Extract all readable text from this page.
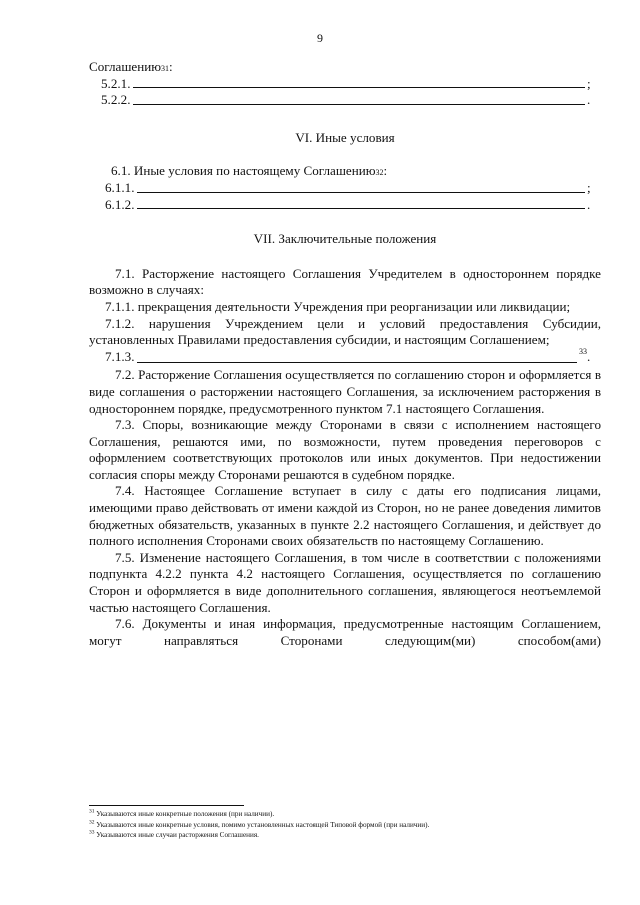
9
Соглашению 31 :
5.2.1.	;
5.2.2.	.

VI. Иные условия

6.1. Иные условия по настоящему Соглашению 32 :
6.1.1.	;
6.1.2.	.

VII. Заключительные положения

7.1. Расторжение настоящего Соглашения Учредителем в одностороннем порядке возможно в случаях:

7.1.1. прекращения деятельности Учреждения при реорганизации или ликвидации;

7.1.2. нарушения Учреждением цели и условий предоставления Субсидии, установленных Правилами предоставления субсидии, и настоящим Соглашением;

7.1.3.	33 .

7.2. Расторжение Соглашения осуществляется по соглашению сторон и оформляется в виде соглашения о расторжении настоящего Соглашения, за исключением расторжения в одностороннем порядке, предусмотренного пунктом 7.1 настоящего Соглашения.

7.3. Споры, возникающие между Сторонами в связи с исполнением настоящего Соглашения, решаются ими, по возможности, путем проведения переговоров с оформлением соответствующих протоколов или иных документов. При недостижении согласия споры между Сторонами решаются в судебном порядке.

7.4. Настоящее Соглашение вступает в силу с даты его подписания лицами, имеющими право действовать от имени каждой из Сторон, но не ранее доведения лимитов бюджетных обязательств, указанных в пункте 2.2 настоящего Соглашения, и действует до полного исполнения Сторонами своих обязательств по настоящему Соглашению.

7.5. Изменение настоящего Соглашения, в том числе в соответствии с положениями подпункта 4.2.2 пункта 4.2 настоящего Соглашения, осуществляется по соглашению Сторон и оформляется в виде дополнительного соглашения, являющегося неотъемлемой частью настоящего Соглашения.

7.6. Документы и иная информация, предусмотренные настоящим Соглашением, могут направляться Сторонами следующим(ми) способом(ами)

$^{31}$ Указываются иные конкретные положения (при наличии).
$^{32}$ Указываются иные конкретные условия, помимо установленных настоящей Типовой формой (при наличии).
$^{33}$ Указываются иные случаи расторжения Соглашения.
